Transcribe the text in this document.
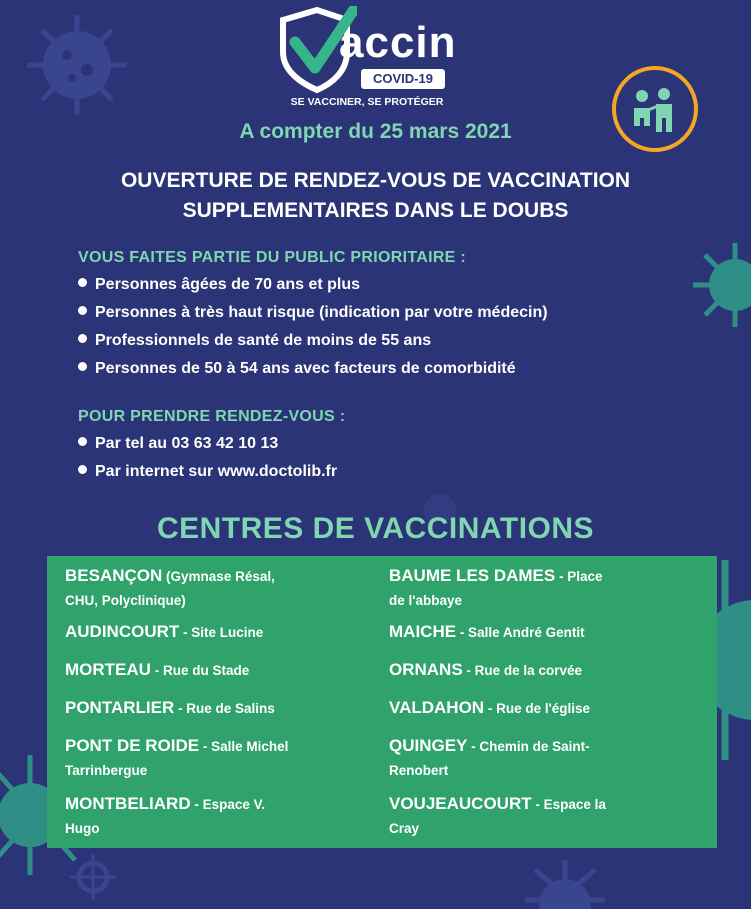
accin
COVID-19
SE VACCINER, SE PROTÉGER
A compter du 25 mars 2021
OUVERTURE DE RENDEZ-VOUS DE VACCINATION
SUPPLEMENTAIRES DANS LE DOUBS
VOUS FAITES PARTIE DU PUBLIC PRIORITAIRE :
Personnes âgées de 70 ans et plus
Personnes à très haut risque (indication par votre médecin)
Professionnels de santé de moins de 55 ans
Personnes de 50 à 54 ans avec facteurs de comorbidité
POUR PRENDRE RENDEZ-VOUS :
Par tel au 03 63 42 10 13
Par internet sur www.doctolib.fr
CENTRES DE VACCINATIONS
BESANÇON (Gymnase Résal,
CHU, Polyclinique)
AUDINCOURT - Site Lucine
MORTEAU - Rue du Stade
PONTARLIER - Rue de Salins
PONT DE ROIDE - Salle Michel
Tarrinbergue
MONTBELIARD - Espace V.
Hugo
BAUME LES DAMES - Place
de l'abbaye
MAICHE - Salle André Gentit
ORNANS - Rue de la corvée
VALDAHON - Rue de l'église
QUINGEY - Chemin de Saint-
Renobert
VOUJEAUCOURT - Espace la
Cray
